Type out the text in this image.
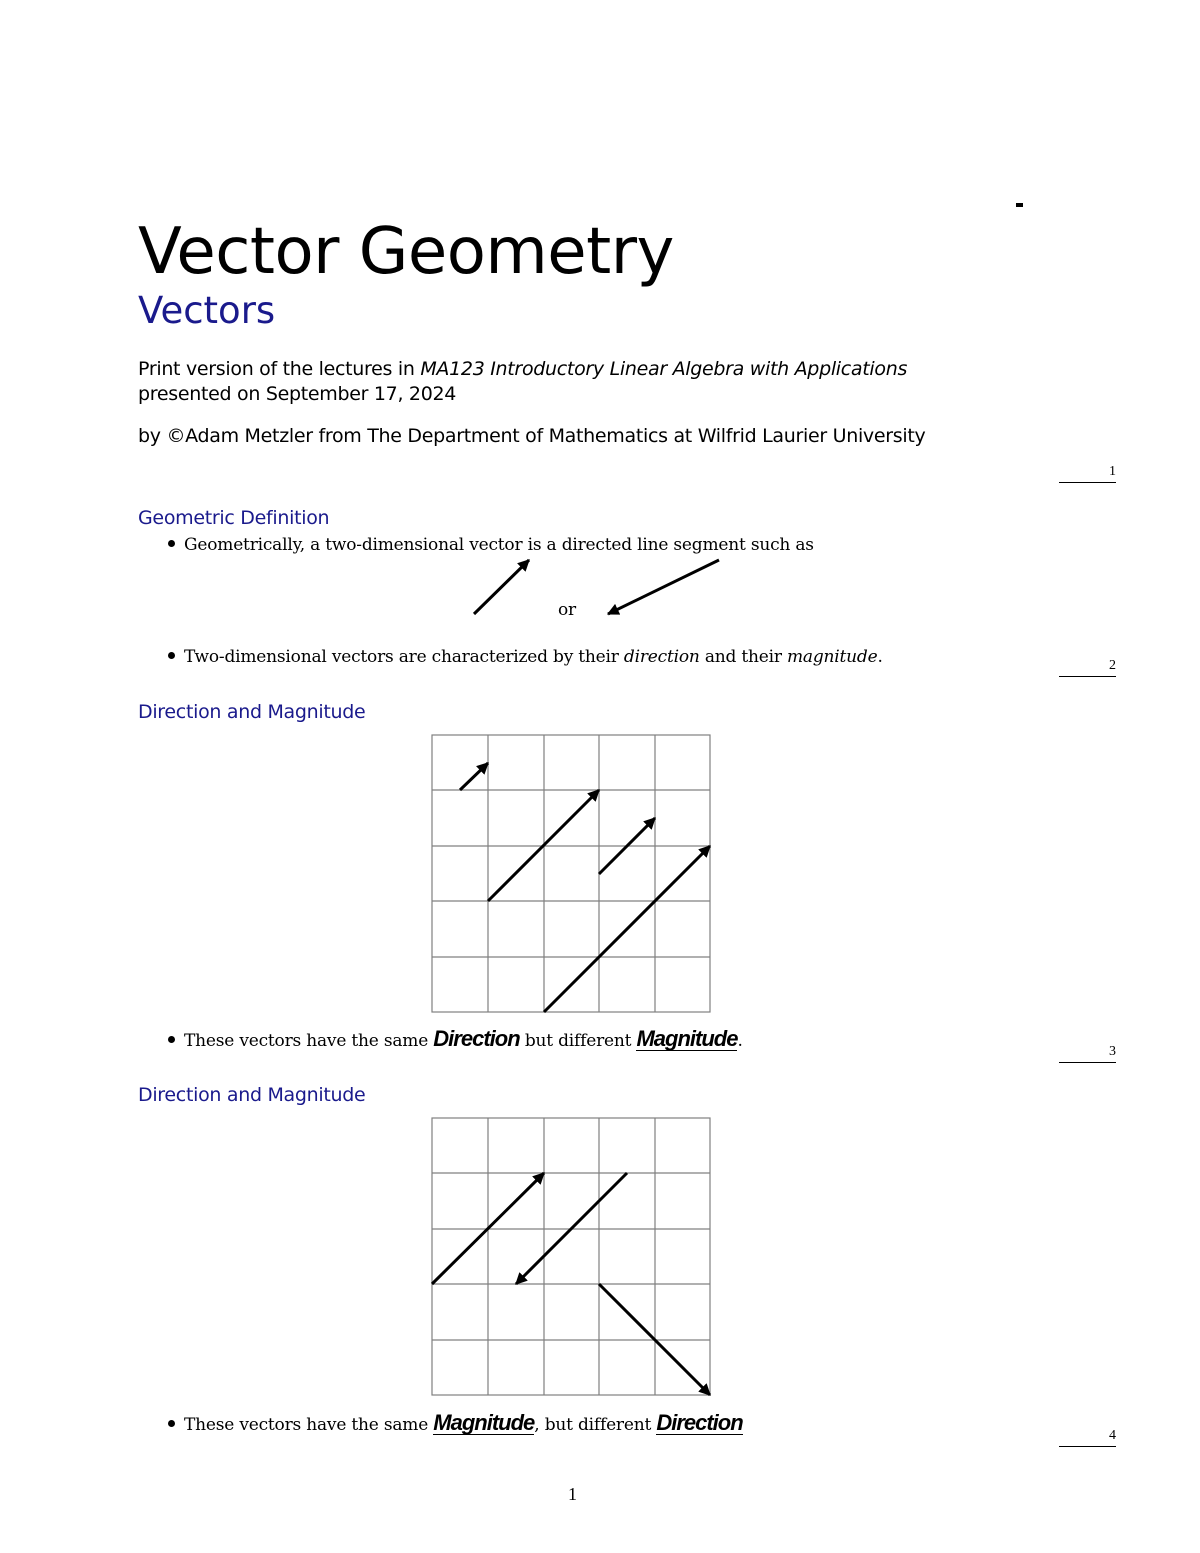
Vector Geometry
Vectors
Print version of the lectures in MA123 Introductory Linear Algebra with Applications
presented on September 17, 2024
by ©Adam Metzler from The Department of Mathematics at Wilfrid Laurier University
1
Geometric Definition
Geometrically, a two-dimensional vector is a directed line segment such as
or
Two-dimensional vectors are characterized by their direction and their magnitude.	2
Direction and Magnitude
These vectors have the same Direction but different Magnitude.
3
Direction and Magnitude
These vectors have the same Magnitude, but different Direction
4
1
